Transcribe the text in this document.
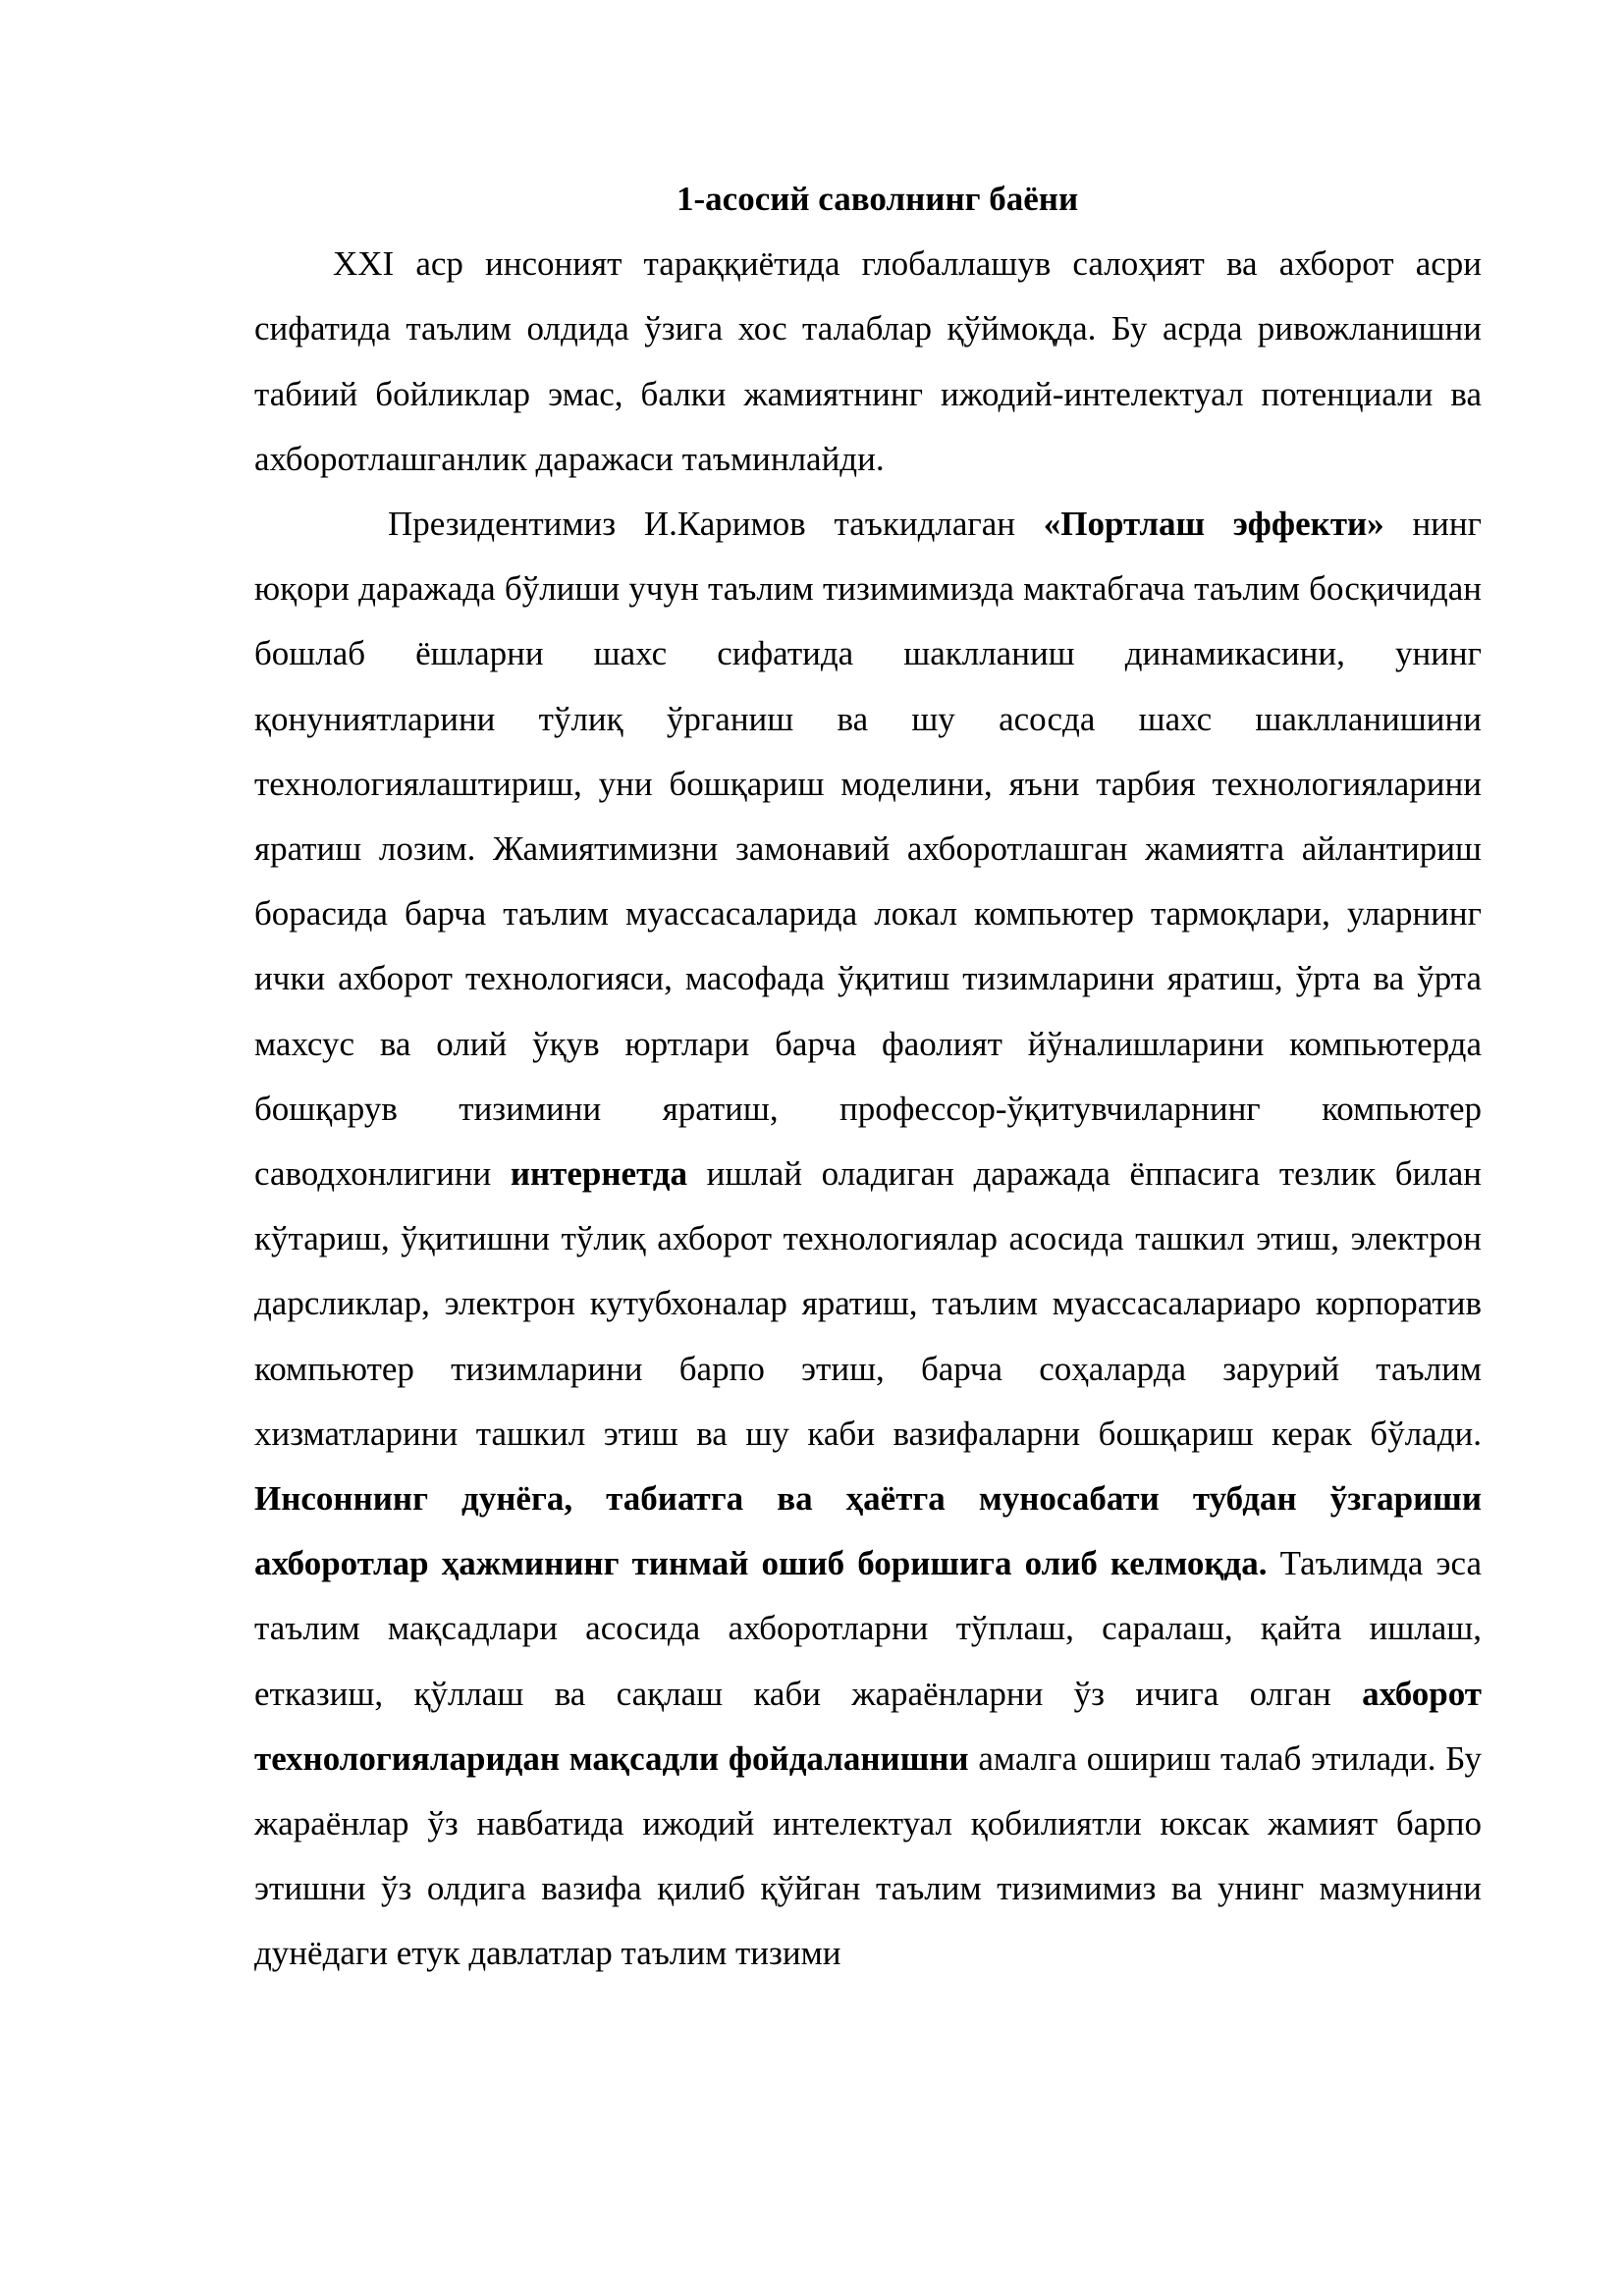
1-асосий саволнинг баёни

XXI аср инсоният тараққиётида глобаллашув салоҳият ва ахборот асри сифатида таълим олдида ўзига хос талаблар қўймоқда. Бу асрда ривожланишни табиий бойликлар эмас, балки жамиятнинг ижодий-интелектуал потенциали ва ахборотлашганлик даражаси таъминлайди.

Президентимиз И.Каримов таъкидлаган «Портлаш эффекти» нинг юқори даражада бўлиши учун таълим тизимимизда мактабгача таълим босқичидан бошлаб ёшларни шахс сифатида шаклланиш динамикасини, унинг қонуниятларини тўлиқ ўрганиш ва шу асосда шахс шаклланишини технологиялаштириш, уни бошқариш моделини, яъни тарбия технологияларини яратиш лозим. Жамиятимизни замонавий ахборотлашган жамиятга айлантириш борасида барча таълим муассасаларида локал компьютер тармоқлари, уларнинг ички ахборот технологияси, масофада ўқитиш тизимларини яратиш, ўрта ва ўрта махсус ва олий ўқув юртлари барча фаолият йўналишларини компьютерда бошқарув тизимини яратиш, профессор-ўқитувчиларнинг компьютер саводхонлигини интернетда ишлай оладиган даражада ёппасига тезлик билан кўтариш, ўқитишни тўлиқ ахборот технологиялар асосида ташкил этиш, электрон дарсликлар, электрон кутубхоналар яратиш, таълим муассасалариаро корпоратив компьютер тизимларини барпо этиш, барча соҳаларда зарурий таълим хизматларини ташкил этиш ва шу каби вазифаларни бошқариш керак бўлади. Инсоннинг дунёга, табиатга ва ҳаётга муносабати тубдан ўзгариши ахборотлар ҳажмининг тинмай ошиб боришига олиб келмоқда. Таълимда эса таълим мақсадлари асосида ахборотларни тўплаш, саралаш, қайта ишлаш, етказиш, қўллаш ва сақлаш каби жараёнларни ўз ичига олган ахборот технологияларидан мақсадли фойдаланишни амалга ошириш талаб этилади. Бу жараёнлар ўз навбатида ижодий интелектуал қобилиятли юксак жамият барпо этишни ўз олдига вазифа қилиб қўйган таълим тизимимиз ва унинг мазмунини дунёдаги етук давлатлар таълим тизими
